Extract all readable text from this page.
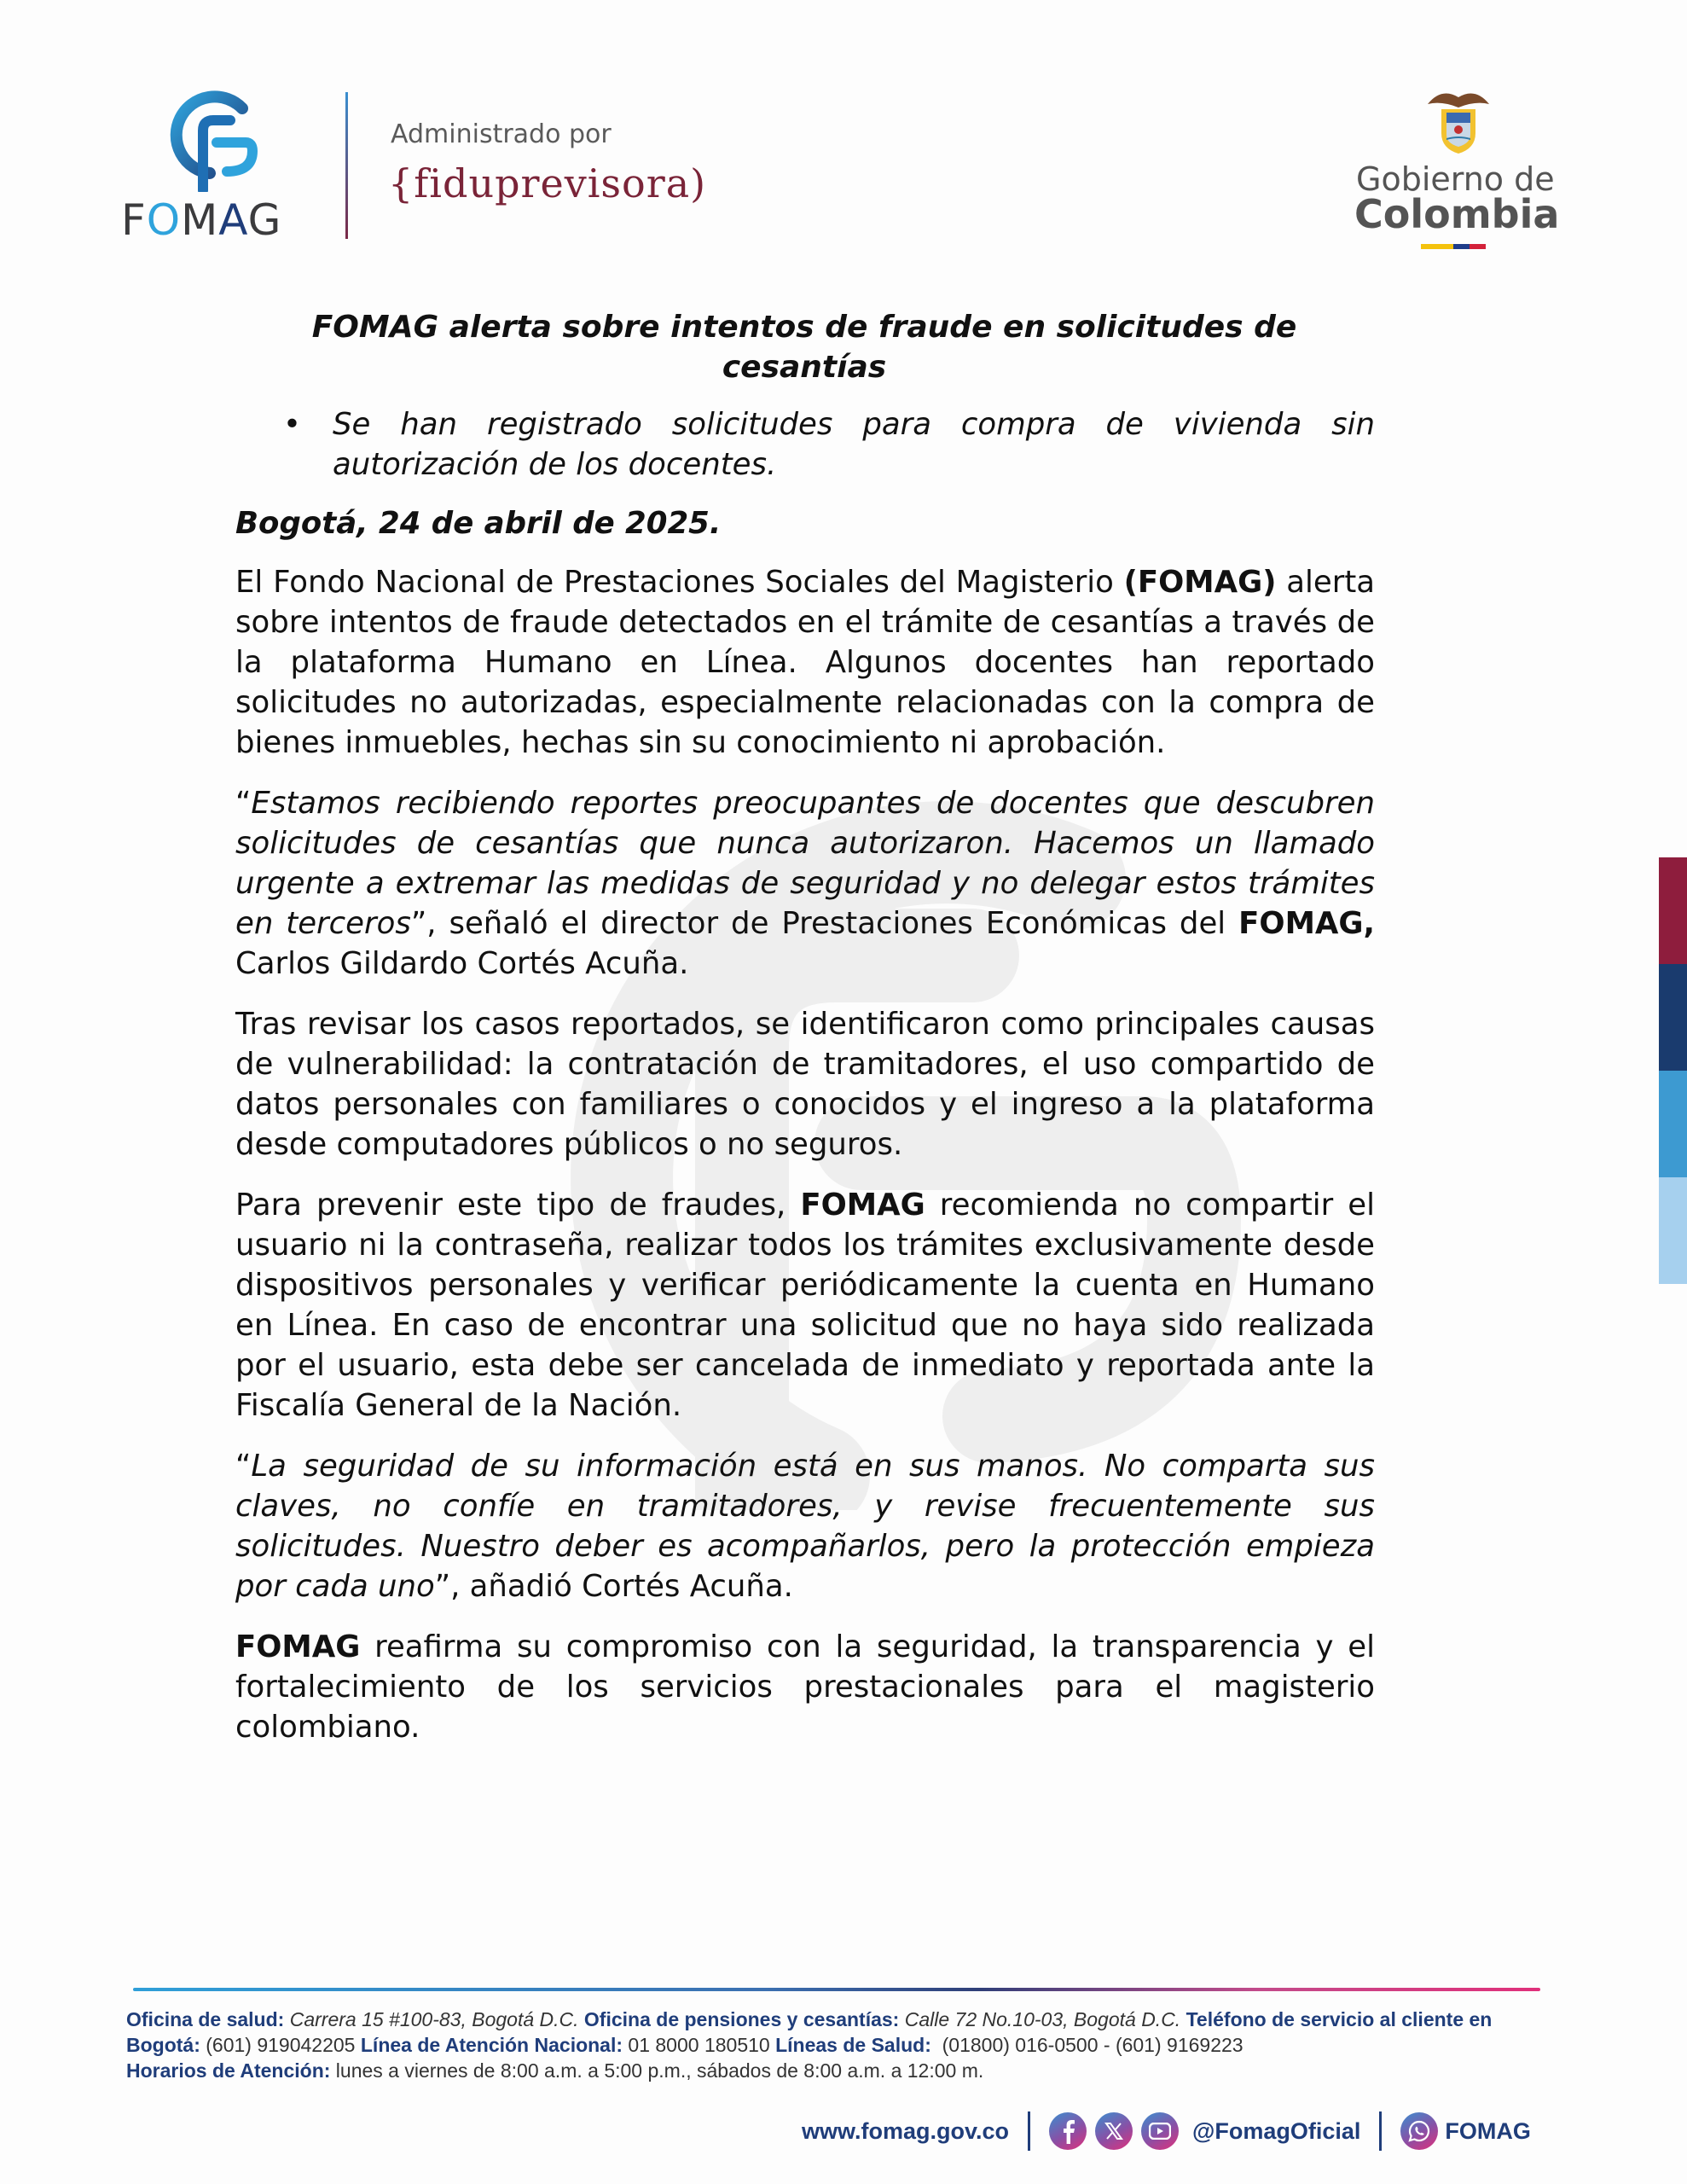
FOMAG
Administrado por
{fiduprevisora)	Gobierno de
Colombia
FOMAG alerta sobre intentos de fraude en solicitudes de cesantías
• Se han registrado solicitudes para compra de vivienda sin autorización de los docentes.

Bogotá, 24 de abril de 2025.

El Fondo Nacional de Prestaciones Sociales del Magisterio (FOMAG) alerta sobre intentos de fraude detectados en el trámite de cesantías a través de la plataforma Humano en Línea. Algunos docentes han reportado solicitudes no autorizadas, especialmente relacionadas con la compra de bienes inmuebles, hechas sin su conocimiento ni aprobación.

“Estamos recibiendo reportes preocupantes de docentes que descubren solicitudes de cesantías que nunca autorizaron. Hacemos un llamado urgente a extremar las medidas de seguridad y no delegar estos trámites en terceros”, señaló el director de Prestaciones Económicas del FOMAG, Carlos Gildardo Cortés Acuña.

Tras revisar los casos reportados, se identificaron como principales causas de vulnerabilidad: la contratación de tramitadores, el uso compartido de datos personales con familiares o conocidos y el ingreso a la plataforma desde computadores públicos o no seguros.

Para prevenir este tipo de fraudes, FOMAG recomienda no compartir el usuario ni la contraseña, realizar todos los trámites exclusivamente desde dispositivos personales y verificar periódicamente la cuenta en Humano en Línea. En caso de encontrar una solicitud que no haya sido realizada por el usuario, esta debe ser cancelada de inmediato y reportada ante la Fiscalía General de la Nación.

“La seguridad de su información está en sus manos. No comparta sus claves, no confíe en tramitadores, y revise frecuentemente sus solicitudes. Nuestro deber es acompañarlos, pero la protección empieza por cada uno”, añadió Cortés Acuña.

FOMAG reafirma su compromiso con la seguridad, la transparencia y el fortalecimiento de los servicios prestacionales para el magisterio colombiano.

Oficina de salud: Carrera 15 #100-83, Bogotá D.C. Oficina de pensiones y cesantías: Calle 72 No.10-03, Bogotá D.C. Teléfono de servicio al cliente en Bogotá: (601) 919042205 Línea de Atención Nacional: 01 8000 180510 Líneas de Salud:  (01800) 016-0500 - (601) 9169223
Horarios de Atención: lunes a viernes de 8:00 a.m. a 5:00 p.m., sábados de 8:00 a.m. a 12:00 m.
www.fomag.gov.co	@FomagOficial	FOMAG
